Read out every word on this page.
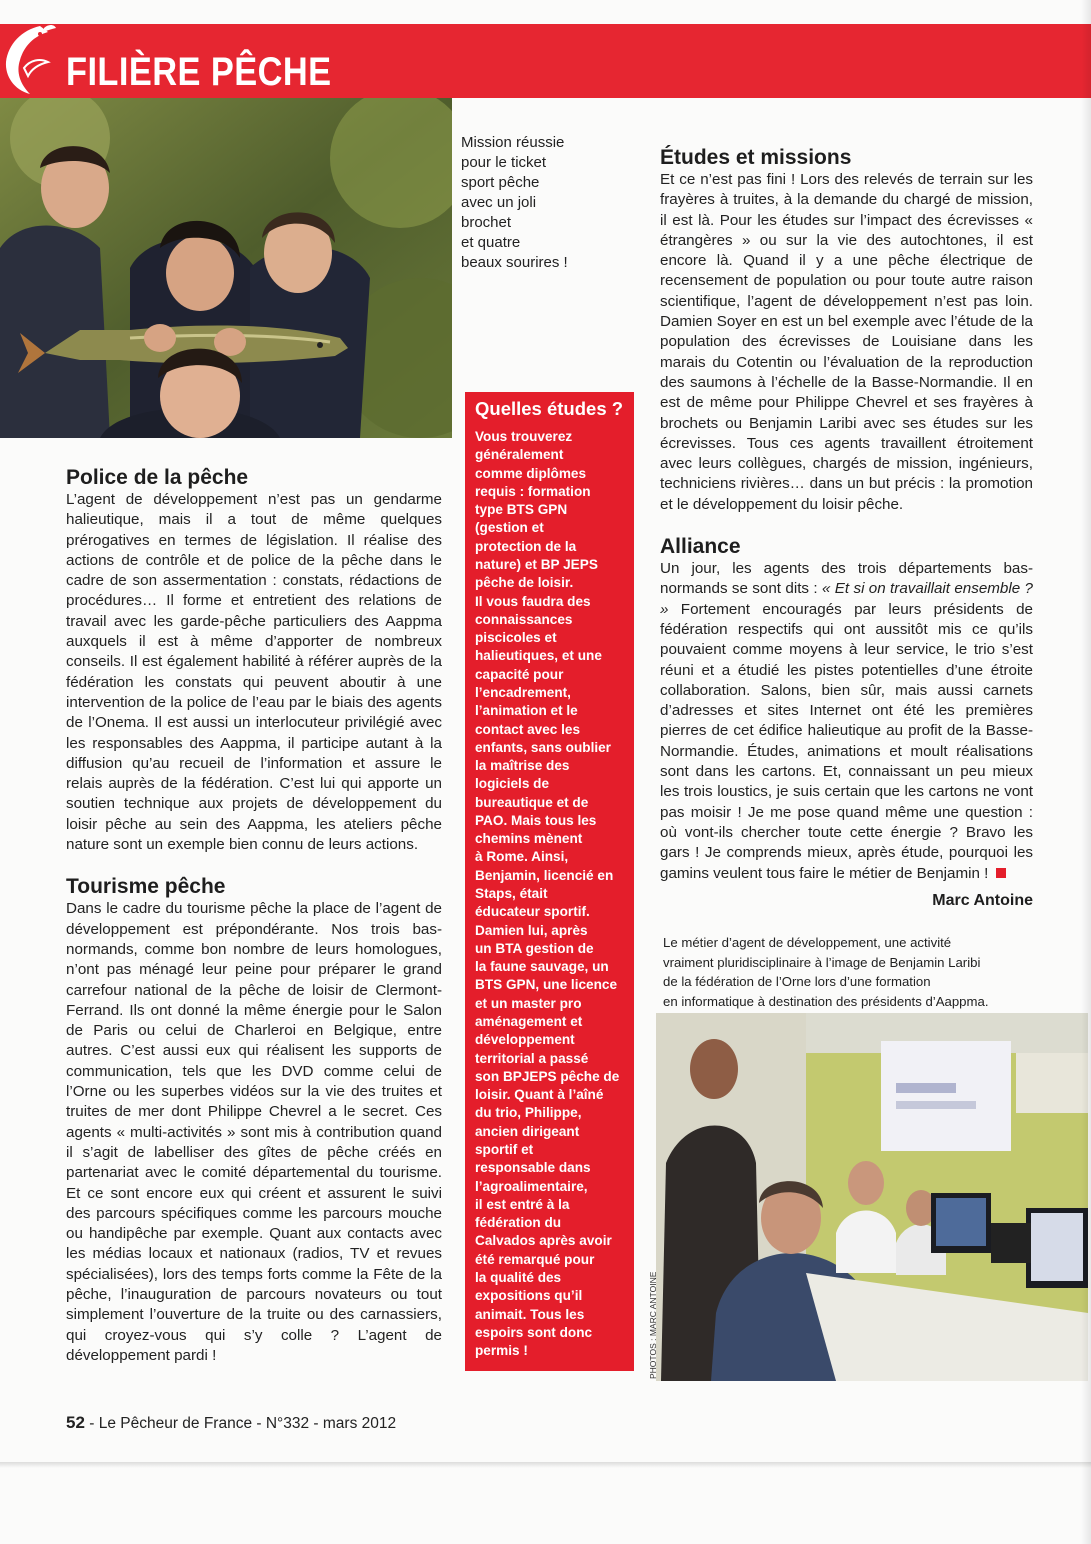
FILIÈRE PÊCHE
Mission réussie
pour le ticket
sport pêche
avec un joli
brochet
et quatre
beaux sourires !
Police de la pêche

L’agent de développement n’est pas un gendarme halieutique, mais il a tout de même quelques prérogatives en termes de législation. Il réalise des actions de contrôle et de police de la pêche dans le cadre de son assermentation : constats, rédactions de procédures… Il forme et entretient des relations de travail avec les garde-pêche particuliers des Aappma auxquels il est à même d’apporter de nombreux conseils. Il est également habilité à référer auprès de la fédération les constats qui peuvent aboutir à une intervention de la police de l’eau par le biais des agents de l’Onema. Il est aussi un interlocuteur privilégié avec les responsables des Aappma, il participe autant à la diffusion qu’au recueil de l’information et assure le relais auprès de la fédération. C’est lui qui apporte un soutien technique aux projets de développement du loisir pêche au sein des Aappma, les ateliers pêche nature sont un exemple bien connu de leurs actions.

Tourisme pêche

Dans le cadre du tourisme pêche la place de l’agent de développement est prépondérante. Nos trois bas-normands, comme bon nombre de leurs homologues, n’ont pas ménagé leur peine pour préparer le grand carrefour national de la pêche de loisir de Clermont-Ferrand. Ils ont donné la même énergie pour le Salon de Paris ou celui de Charleroi en Belgique, entre autres. C’est aussi eux qui réalisent les supports de communication, tels que les DVD comme celui de l’Orne ou les superbes vidéos sur la vie des truites et truites de mer dont Philippe Chevrel a le secret. Ces agents « multi-activités » sont mis à contribution quand il s’agit de labelliser des gîtes de pêche créés en partenariat avec le comité départemental du tourisme. Et ce sont encore eux qui créent et assurent le suivi des parcours spécifiques comme les parcours mouche ou handipêche par exemple. Quant aux contacts avec les médias locaux et nationaux (radios, TV et revues spécialisées), lors des temps forts comme la Fête de la pêche, l’inauguration de parcours novateurs ou tout simplement l’ouverture de la truite ou des carnassiers, qui croyez-vous qui s’y colle ? L’agent de développement pardi !

Quelles études ?
Vous trouverez
généralement
comme diplômes
requis : formation
type BTS GPN
(gestion et
protection de la
nature) et BP JEPS
pêche de loisir.
Il vous faudra des
connaissances
piscicoles et
halieutiques, et une
capacité pour
l’encadrement,
l’animation et le
contact avec les
enfants, sans oublier
la maîtrise des
logiciels de
bureautique et de
PAO. Mais tous les
chemins mènent
à Rome. Ainsi,
Benjamin, licencié en
Staps, était
éducateur sportif.
Damien lui, après
un BTA gestion de
la faune sauvage, un
BTS GPN, une licence
et un master pro
aménagement et
développement
territorial a passé
son BPJEPS pêche de
loisir. Quant à l’aîné
du trio, Philippe,
ancien dirigeant
sportif et
responsable dans
l’agroalimentaire,
il est entré à la
fédération du
Calvados après avoir
été remarqué pour
la qualité des
expositions qu’il
animait. Tous les
espoirs sont donc
permis !
Études et missions

Et ce n’est pas fini ! Lors des relevés de terrain sur les frayères à truites, à la demande du chargé de mission, il est là. Pour les études sur l’impact des écrevisses « étrangères » ou sur la vie des autochtones, il est encore là. Quand il y a une pêche électrique de recensement de population ou pour toute autre raison scientifique, l’agent de développement n’est pas loin. Damien Soyer en est un bel exemple avec l’étude de la population des écrevisses de Louisiane dans les marais du Cotentin ou l’évaluation de la reproduction des saumons à l’échelle de la Basse-Normandie. Il en est de même pour Philippe Chevrel et ses frayères à brochets ou Benjamin Laribi avec ses études sur les écrevisses. Tous ces agents travaillent étroitement avec leurs collègues, chargés de mission, ingénieurs, techniciens rivières… dans un but précis : la promotion et le développement du loisir pêche.

Alliance

Un jour, les agents des trois départements bas-normands se sont dits : « Et si on travaillait ensemble ? » Fortement encouragés par leurs présidents de fédération respectifs qui ont aussitôt mis ce qu’ils pouvaient comme moyens à leur service, le trio s’est réuni et a étudié les pistes potentielles d’une étroite collaboration. Salons, bien sûr, mais aussi carnets d’adresses et sites Internet ont été les premières pierres de cet édifice halieutique au profit de la Basse-Normandie. Études, animations et moult réalisations sont dans les cartons. Et, connaissant un peu mieux les trois loustics, je suis certain que les cartons ne vont pas moisir ! Je me pose quand même une question : où vont-ils chercher toute cette énergie ? Bravo les gars ! Je comprends mieux, après étude, pourquoi les gamins veulent tous faire le métier de Benjamin !

Marc Antoine
Le métier d’agent de développement, une activité
vraiment pluridisciplinaire à l’image de Benjamin Laribi
de la fédération de l’Orne lors d’une formation
en informatique à destination des présidents d’Aappma.
PHOTOS : MARC ANTOINE
52 - Le Pêcheur de France - N°332 - mars 2012
